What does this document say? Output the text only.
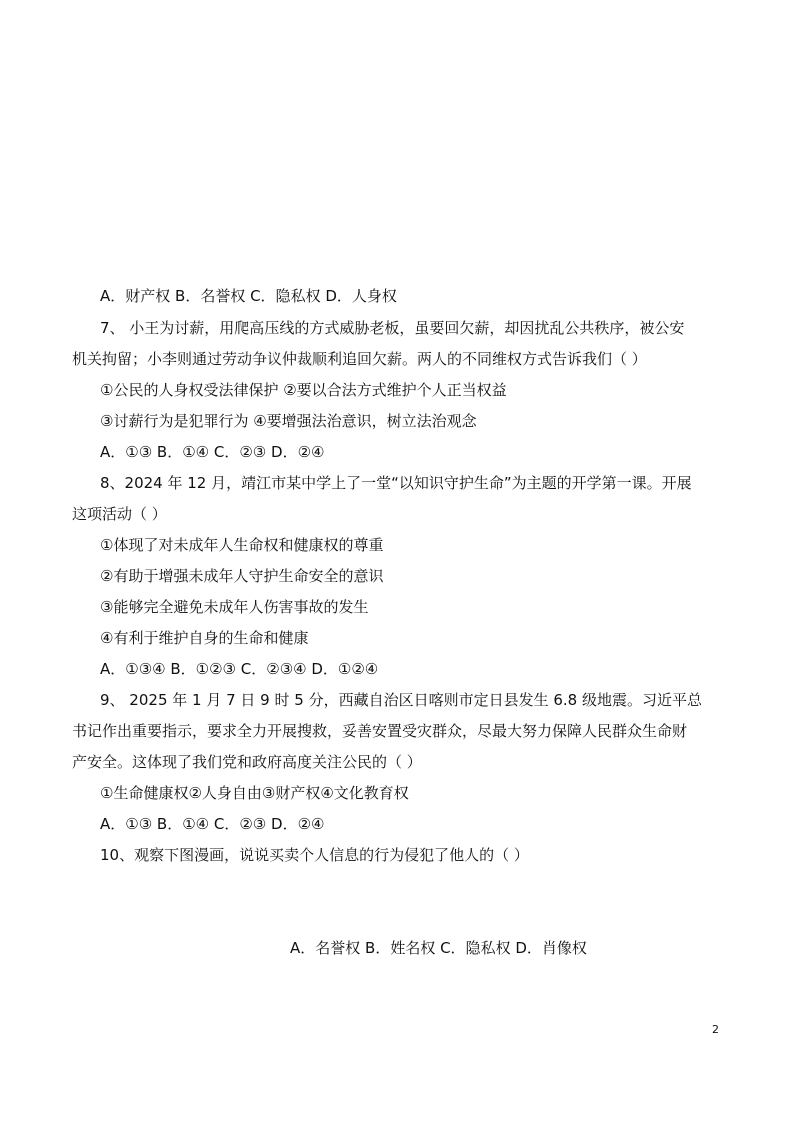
A．财产权 B．名誉权 C．隐私权 D．人身权
7、 小王为讨薪，用爬高压线的方式威胁老板，虽要回欠薪，却因扰乱公共秩序，被公安
机关拘留；小李则通过劳动争议仲裁顺利追回欠薪。两人的不同维权方式告诉我们（ ）
①公民的人身权受法律保护 ②要以合法方式维护个人正当权益
③讨薪行为是犯罪行为 ④要增强法治意识，树立法治观念
A．①③ B．①④ C．②③ D．②④
8、2024 年 12 月，靖江市某中学上了一堂“以知识守护生命”为主题的开学第一课。开展
这项活动（ ）
①体现了对未成年人生命权和健康权的尊重
②有助于增强未成年人守护生命安全的意识
③能够完全避免未成年人伤害事故的发生
④有利于维护自身的生命和健康
A．①③④ B．①②③ C．②③④ D．①②④
9、 2025 年 1 月 7 日 9 时 5 分，西藏自治区日喀则市定日县发生 6.8 级地震。习近平总
书记作出重要指示，要求全力开展搜救，妥善安置受灾群众，尽最大努力保障人民群众生命财
产安全。这体现了我们党和政府高度关注公民的（ ）
①生命健康权②人身自由③财产权④文化教育权
A．①③ B．①④ C．②③ D．②④
10、观察下图漫画，说说买卖个人信息的行为侵犯了他人的（ ）
A．名誉权 B．姓名权 C．隐私权 D．肖像权
2
